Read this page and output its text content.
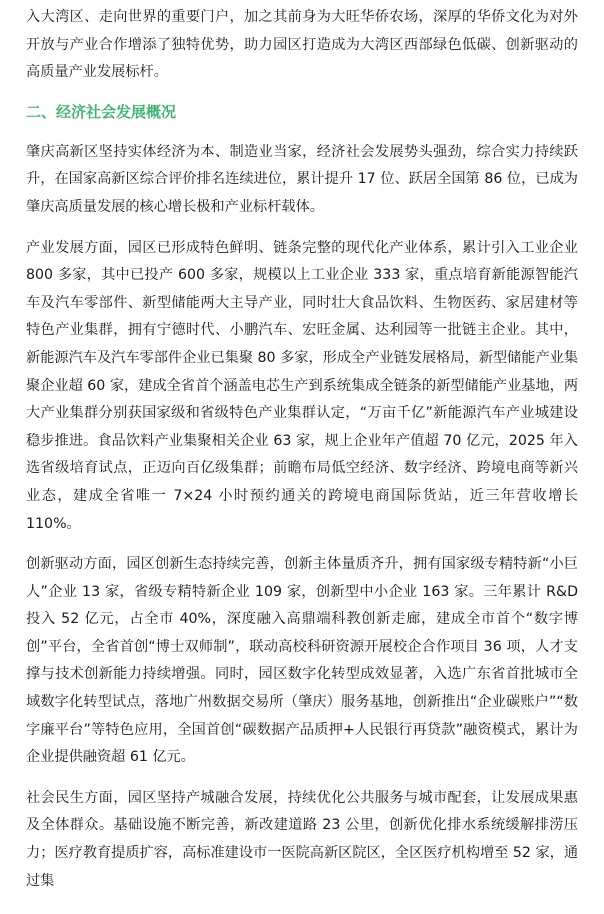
入大湾区、走向世界的重要门户，加之其前身为大旺华侨农场，深厚的华侨文化为对外开放与产业合作增添了独特优势，助力园区打造成为大湾区西部绿色低碳、创新驱动的高质量产业发展标杆。

二、经济社会发展概况

肇庆高新区坚持实体经济为本、制造业当家，经济社会发展势头强劲，综合实力持续跃升，在国家高新区综合评价排名连续进位，累计提升 17 位、跃居全国第 86 位，已成为肇庆高质量发展的核心增长极和产业标杆载体。

产业发展方面，园区已形成特色鲜明、链条完整的现代化产业体系，累计引入工业企业 800 多家，其中已投产 600 多家，规模以上工业企业 333 家，重点培育新能源智能汽车及汽车零部件、新型储能两大主导产业，同时壮大食品饮料、生物医药、家居建材等特色产业集群，拥有宁德时代、小鹏汽车、宏旺金属、达利园等一批链主企业。其中，新能源汽车及汽车零部件企业已集聚 80 多家，形成全产业链发展格局，新型储能产业集聚企业超 60 家，建成全省首个涵盖电芯生产到系统集成全链条的新型储能产业基地，两大产业集群分别获国家级和省级特色产业集群认定，“万亩千亿”新能源汽车产业城建设稳步推进。食品饮料产业集聚相关企业 63 家，规上企业年产值超 70 亿元，2025 年入选省级培育试点，正迈向百亿级集群；前瞻布局低空经济、数字经济、跨境电商等新兴业态，建成全省唯一 7×24 小时预约通关的跨境电商国际货站，近三年营收增长 110%。

创新驱动方面，园区创新生态持续完善，创新主体量质齐升，拥有国家级专精特新“小巨人”企业 13 家，省级专精特新企业 109 家，创新型中小企业 163 家。三年累计 R&D 投入 52 亿元，占全市 40%，深度融入高鼎端科教创新走廊，建成全市首个“数字博创”平台，全省首创“博士双师制”，联动高校科研资源开展校企合作项目 36 项，人才支撑与技术创新能力持续增强。同时，园区数字化转型成效显著，入选广东省首批城市全域数字化转型试点，落地广州数据交易所（肇庆）服务基地，创新推出“企业碳账户”“数字廉平台”等特色应用，全国首创“碳数据产品质押+人民银行再贷款”融资模式，累计为企业提供融资超 61 亿元。

社会民生方面，园区坚持产城融合发展，持续优化公共服务与城市配套，让发展成果惠及全体群众。基础设施不断完善，新改建道路 23 公里，创新优化排水系统缓解排涝压力；医疗教育提质扩容，高标准建设市一医院高新区院区，全区医疗机构增至 52 家，通过集
